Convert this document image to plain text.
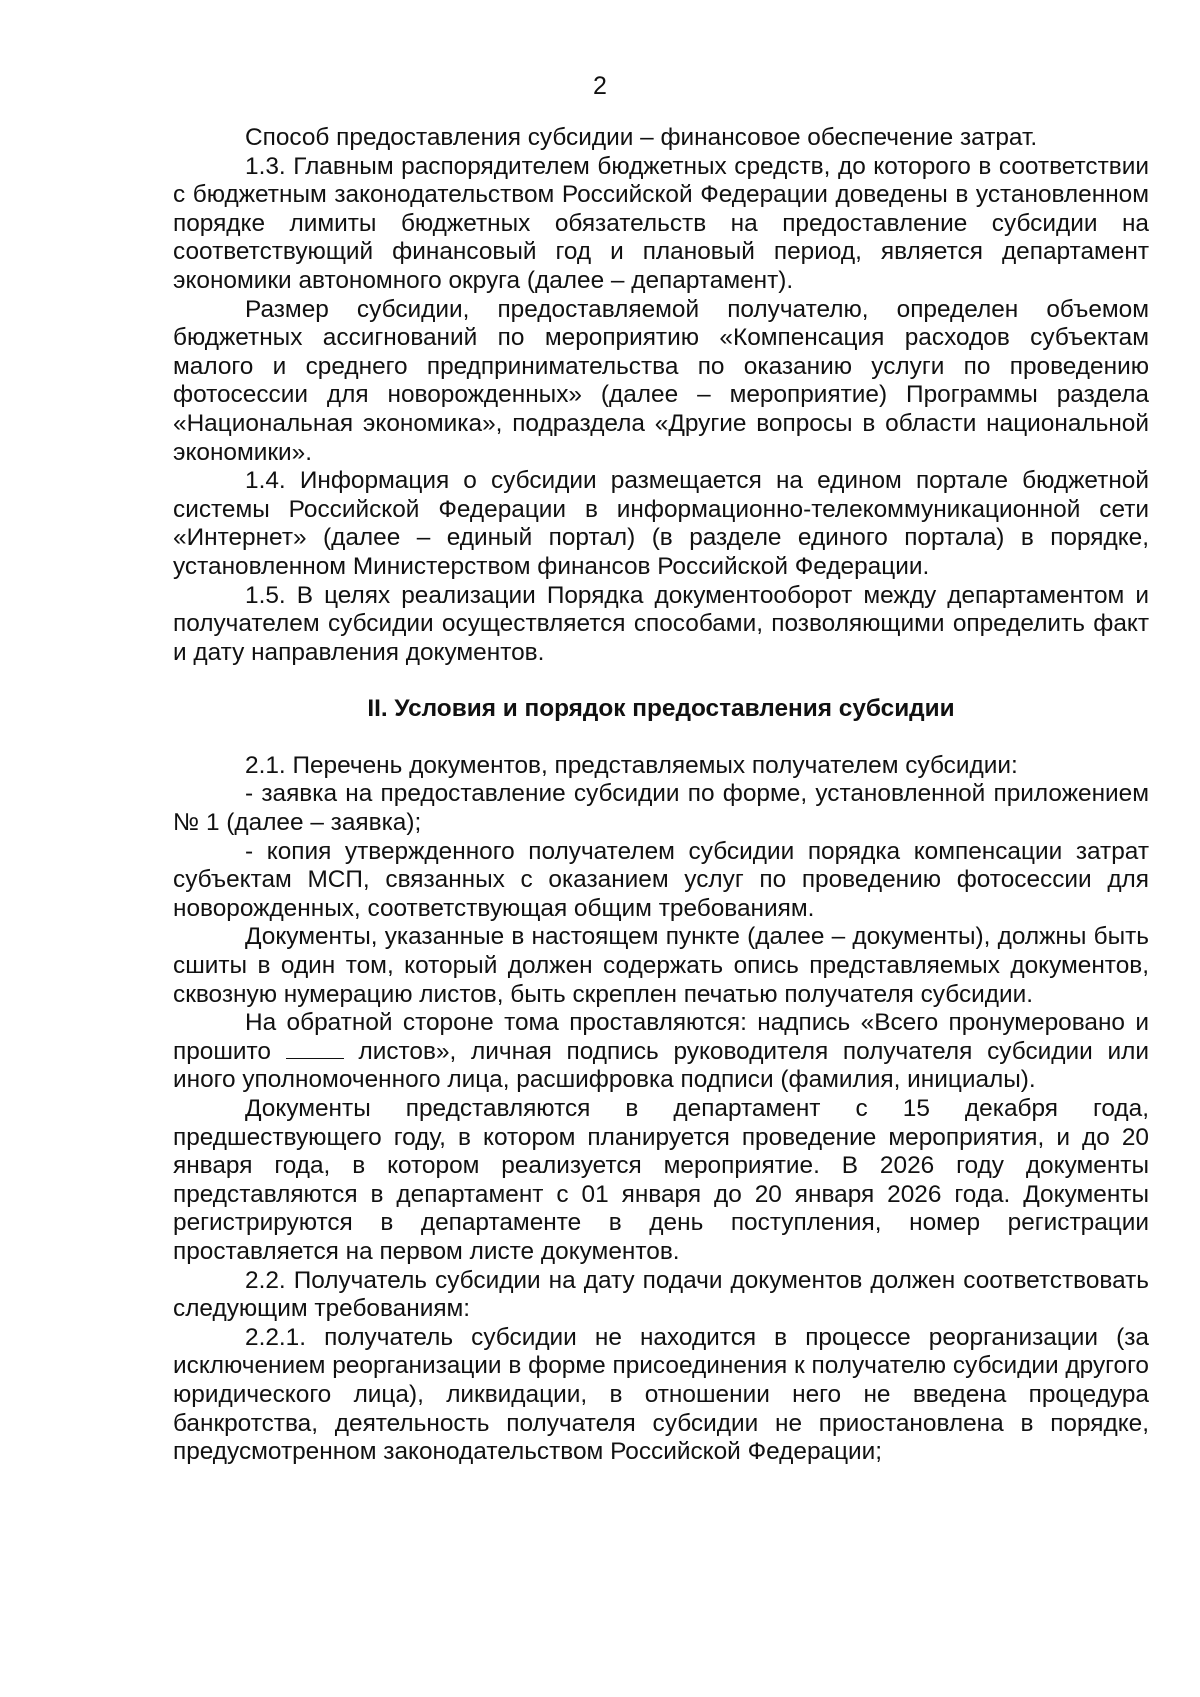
2

Способ предоставления субсидии – финансовое обеспечение затрат.

1.3. Главным распорядителем бюджетных средств, до которого в соответствии с бюджетным законодательством Российской Федерации доведены в установленном порядке лимиты бюджетных обязательств на предоставление субсидии на соответствующий финансовый год и плановый период, является департамент экономики автономного округа (далее – департамент).

Размер субсидии, предоставляемой получателю, определен объемом бюджетных ассигнований по мероприятию «Компенсация расходов субъектам малого и среднего предпринимательства по оказанию услуги по проведению фотосессии для новорожденных» (далее – мероприятие) Программы раздела «Национальная экономика», подраздела «Другие вопросы в области национальной экономики».

1.4. Информация о субсидии размещается на едином портале бюджетной системы Российской Федерации в информационно-телекоммуникационной сети «Интернет» (далее – единый портал) (в разделе единого портала) в порядке, установленном Министерством финансов Российской Федерации.

1.5. В целях реализации Порядка документооборот между департаментом и получателем субсидии осуществляется способами, позволяющими определить факт и дату направления документов.

II. Условия и порядок предоставления субсидии

2.1. Перечень документов, представляемых получателем субсидии:

- заявка на предоставление субсидии по форме, установленной приложением № 1 (далее – заявка);

- копия утвержденного получателем субсидии порядка компенсации затрат субъектам МСП, связанных с оказанием услуг по проведению фотосессии для новорожденных, соответствующая общим требованиям.

Документы, указанные в настоящем пункте (далее – документы), должны быть сшиты в один том, который должен содержать опись представляемых документов, сквозную нумерацию листов, быть скреплен печатью получателя субсидии.

На обратной стороне тома проставляются: надпись «Всего пронумеровано и прошито	листов», личная подпись руководителя получателя субсидии или иного уполномоченного лица, расшифровка подписи (фамилия, инициалы).

Документы представляются в департамент с 15 декабря года, предшествующего году, в котором планируется проведение мероприятия, и до 20 января года, в котором реализуется мероприятие. В 2026 году документы представляются в департамент с 01 января до 20 января 2026 года. Документы регистрируются в департаменте в день поступления, номер регистрации проставляется на первом листе документов.

2.2. Получатель субсидии на дату подачи документов должен соответствовать следующим требованиям:

2.2.1. получатель субсидии не находится в процессе реорганизации (за исключением реорганизации в форме присоединения к получателю субсидии другого юридического лица), ликвидации, в отношении него не введена процедура банкротства, деятельность получателя субсидии не приостановлена в порядке, предусмотренном законодательством Российской Федерации;
